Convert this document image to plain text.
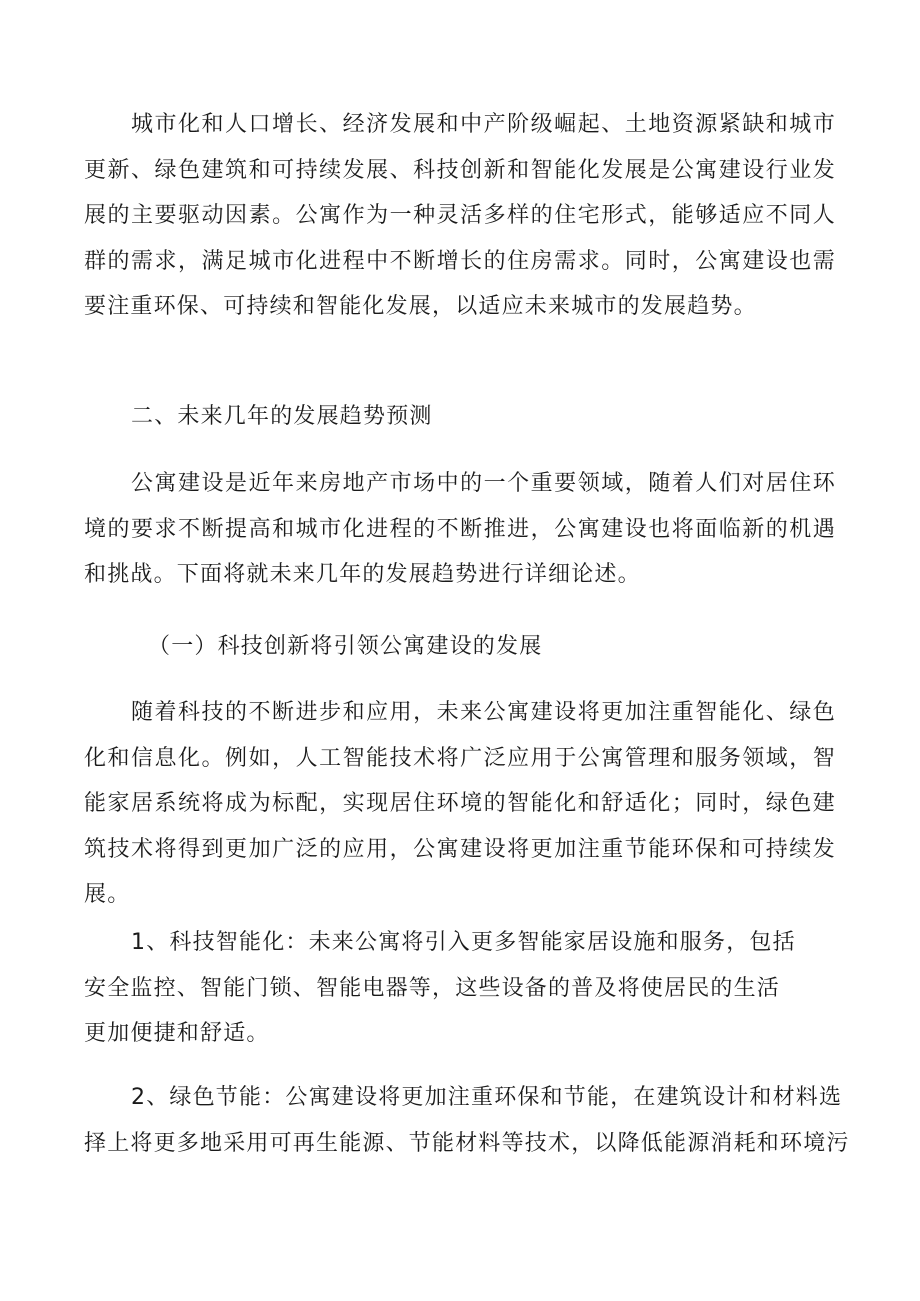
城市化和人口增长、经济发展和中产阶级崛起、土地资源紧缺和城市更新、绿色建筑和可持续发展、科技创新和智能化发展是公寓建设行业发展的主要驱动因素。公寓作为一种灵活多样的住宅形式，能够适应不同人群的需求，满足城市化进程中不断增长的住房需求。同时，公寓建设也需要注重环保、可持续和智能化发展，以适应未来城市的发展趋势。

二、未来几年的发展趋势预测

公寓建设是近年来房地产市场中的一个重要领域，随着人们对居住环境的要求不断提高和城市化进程的不断推进，公寓建设也将面临新的机遇和挑战。下面将就未来几年的发展趋势进行详细论述。

（一）科技创新将引领公寓建设的发展

随着科技的不断进步和应用，未来公寓建设将更加注重智能化、绿色化和信息化。例如，人工智能技术将广泛应用于公寓管理和服务领域，智能家居系统将成为标配，实现居住环境的智能化和舒适化；同时，绿色建筑技术将得到更加广泛的应用，公寓建设将更加注重节能环保和可持续发展。

1、科技智能化：未来公寓将引入更多智能家居设施和服务，包括
安全监控、智能门锁、智能电器等，这些设备的普及将使居民的生活
更加便捷和舒适。
2、绿色节能：公寓建设将更加注重环保和节能，在建筑设计和材料选
择上将更多地采用可再生能源、节能材料等技术，以降低能源消耗和环境污
